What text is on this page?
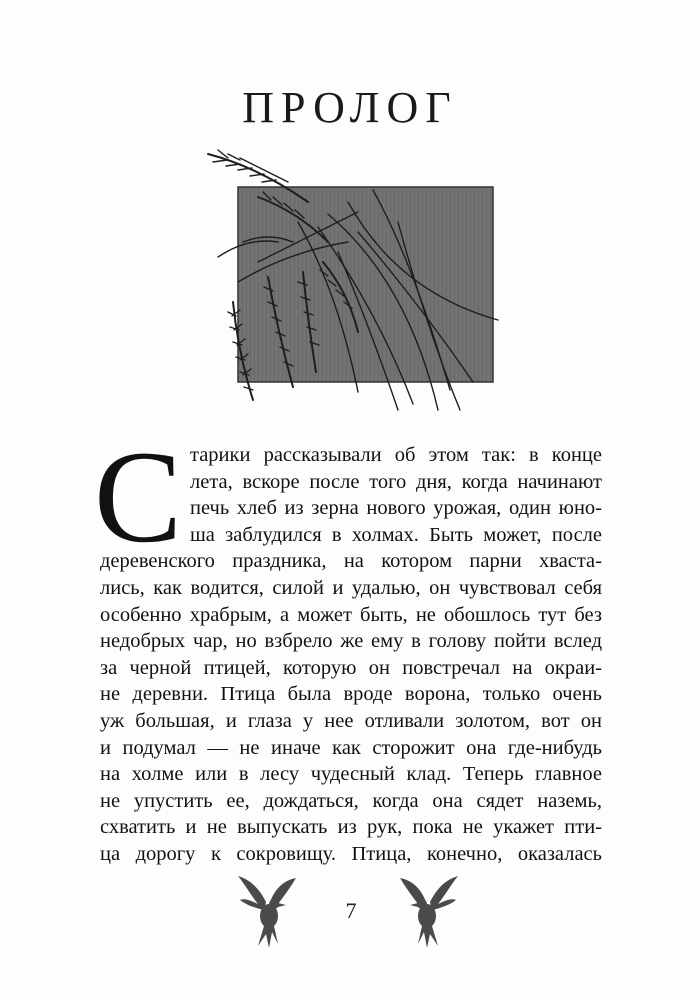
ПРОЛОГ
С тарики рассказывали об этом так: в конце
лета, вскоре после того дня, когда начинают
печь хлеб из зерна нового урожая, один юно-
ша заблудился в холмах. Быть может, после
деревенского праздника, на котором парни хваста-
лись, как водится, силой и удалью, он чувствовал себя
особенно храбрым, а может быть, не обошлось тут без
недобрых чар, но взбрело же ему в голову пойти вслед
за черной птицей, которую он повстречал на окраи-
не деревни. Птица была вроде ворона, только очень
уж большая, и глаза у нее отливали золотом, вот он
и подумал — не иначе как сторожит она где-нибудь
на холме или в лесу чудесный клад. Теперь главное
не упустить ее, дождаться, когда она сядет наземь,
схватить и не выпускать из рук, пока не укажет пти-
ца дорогу к сокровищу. Птица, конечно, оказалась
7
